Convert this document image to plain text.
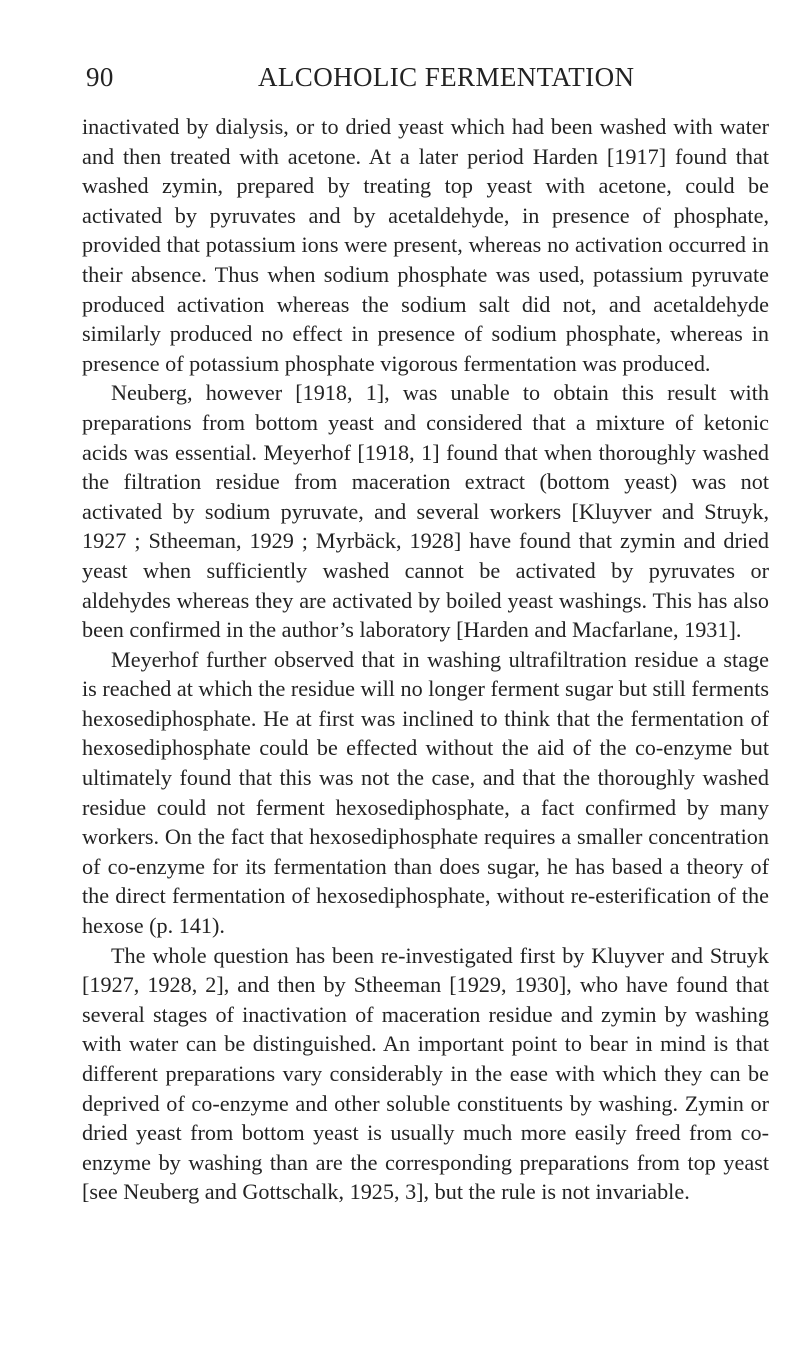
90	ALCOHOLIC FERMENTATION

inactivated by dialysis, or to dried yeast which had been washed with water and then treated with acetone. At a later period Harden [1917] found that washed zymin, prepared by treating top yeast with acetone, could be activated by pyruvates and by acetaldehyde, in presence of phosphate, provided that potassium ions were present, whereas no activation occurred in their absence. Thus when sodium phosphate was used, potassium pyruvate produced activation whereas the sodium salt did not, and acetaldehyde similarly produced no effect in presence of sodium phosphate, whereas in presence of potassium phosphate vigorous fermentation was produced.

Neuberg, however [1918, 1], was unable to obtain this result with preparations from bottom yeast and considered that a mixture of ketonic acids was essential. Meyerhof [1918, 1] found that when thoroughly washed the filtration residue from maceration extract (bottom yeast) was not activated by sodium pyruvate, and several workers [Kluyver and Struyk, 1927 ; Stheeman, 1929 ; Myrbäck, 1928] have found that zymin and dried yeast when sufficiently washed cannot be activated by pyruvates or aldehydes whereas they are activated by boiled yeast washings. This has also been confirmed in the author’s laboratory [Harden and Macfarlane, 1931].

Meyerhof further observed that in washing ultrafiltration residue a stage is reached at which the residue will no longer ferment sugar but still ferments hexosediphosphate. He at first was inclined to think that the fermentation of hexosediphosphate could be effected without the aid of the co-enzyme but ultimately found that this was not the case, and that the thoroughly washed residue could not ferment hexosediphosphate, a fact confirmed by many workers. On the fact that hexosediphosphate requires a smaller concentration of co-enzyme for its fermentation than does sugar, he has based a theory of the direct fermentation of hexosediphosphate, without re-esterification of the hexose (p. 141).

The whole question has been re-investigated first by Kluyver and Struyk [1927, 1928, 2], and then by Stheeman [1929, 1930], who have found that several stages of inactivation of maceration residue and zymin by washing with water can be distinguished. An important point to bear in mind is that different preparations vary considerably in the ease with which they can be deprived of co-enzyme and other soluble constituents by washing. Zymin or dried yeast from bottom yeast is usually much more easily freed from co-enzyme by washing than are the corresponding preparations from top yeast [see Neuberg and Gottschalk, 1925, 3], but the rule is not invariable.
